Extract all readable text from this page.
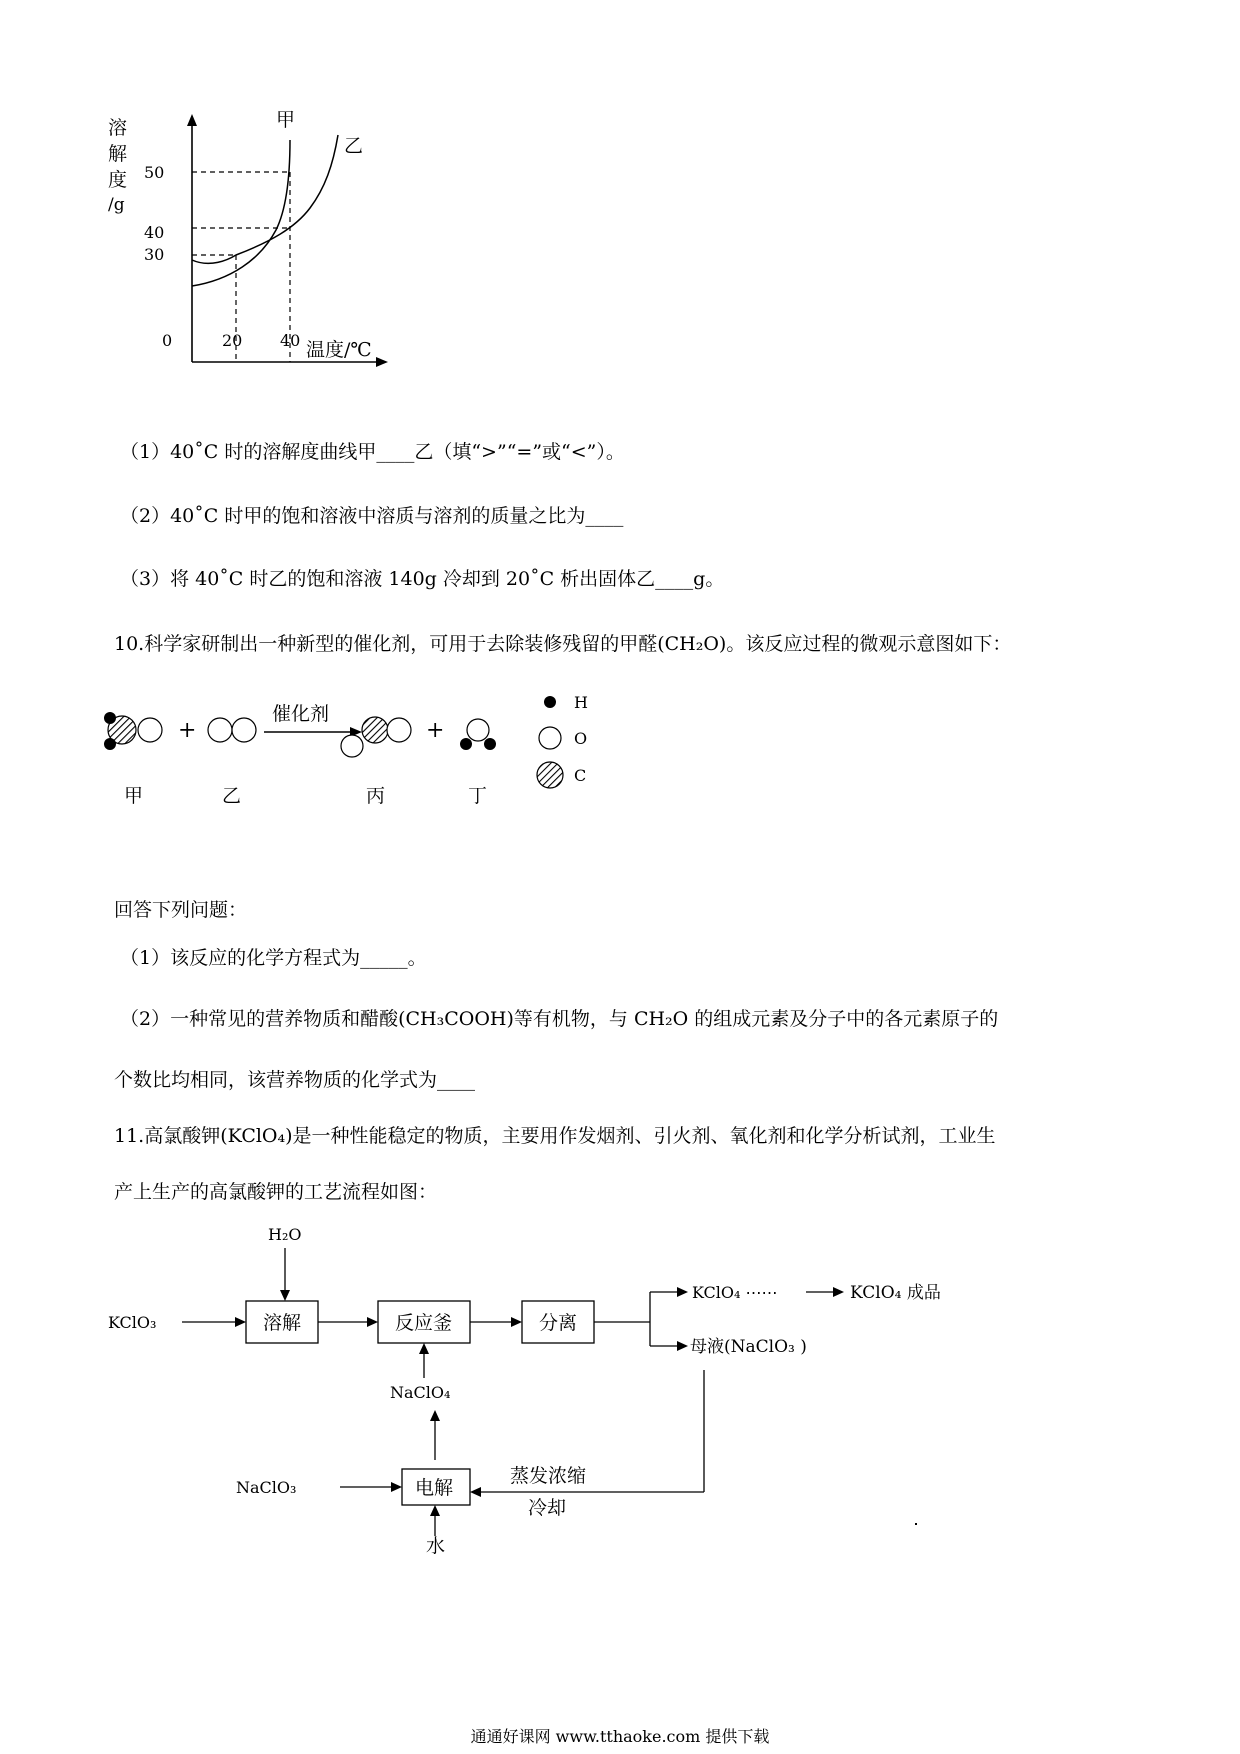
溶
解
度
/g
50
40
30
0	20 40 温度/℃
甲
乙
（1）40˚C 时的溶解度曲线甲____乙（填“>”“=”或“<”）。
（2）40˚C 时甲的饱和溶液中溶质与溶剂的质量之比为____
（3）将 40˚C 时乙的饱和溶液 140g 冷却到 20˚C 析出固体乙____g。
10.科学家研制出一种新型的催化剂，可用于去除装修残留的甲醛(CH₂O)。该反应过程的微观示意图如下：
+
催化剂
+
H
O
C
甲	乙	丙	丁
回答下列问题：
（1）该反应的化学方程式为_____。
（2）一种常见的营养物质和醋酸(CH₃COOH)等有机物，与 CH₂O 的组成元素及分子中的各元素原子的
个数比均相同，该营养物质的化学式为____
11.高氯酸钾(KClO₄)是一种性能稳定的物质，主要用作发烟剂、引火剂、氧化剂和化学分析试剂，工业生
产上生产的高氯酸钾的工艺流程如图：
H₂O
KClO₃	溶解	反应釜	分离
KClO₄ ⋯⋯	KClO₄ 成品
母液(NaClO₃ )
NaClO₄
NaClO₃	电解
蒸发浓缩
冷却
水
通通好课网 www.tthaoke.com 提供下载
